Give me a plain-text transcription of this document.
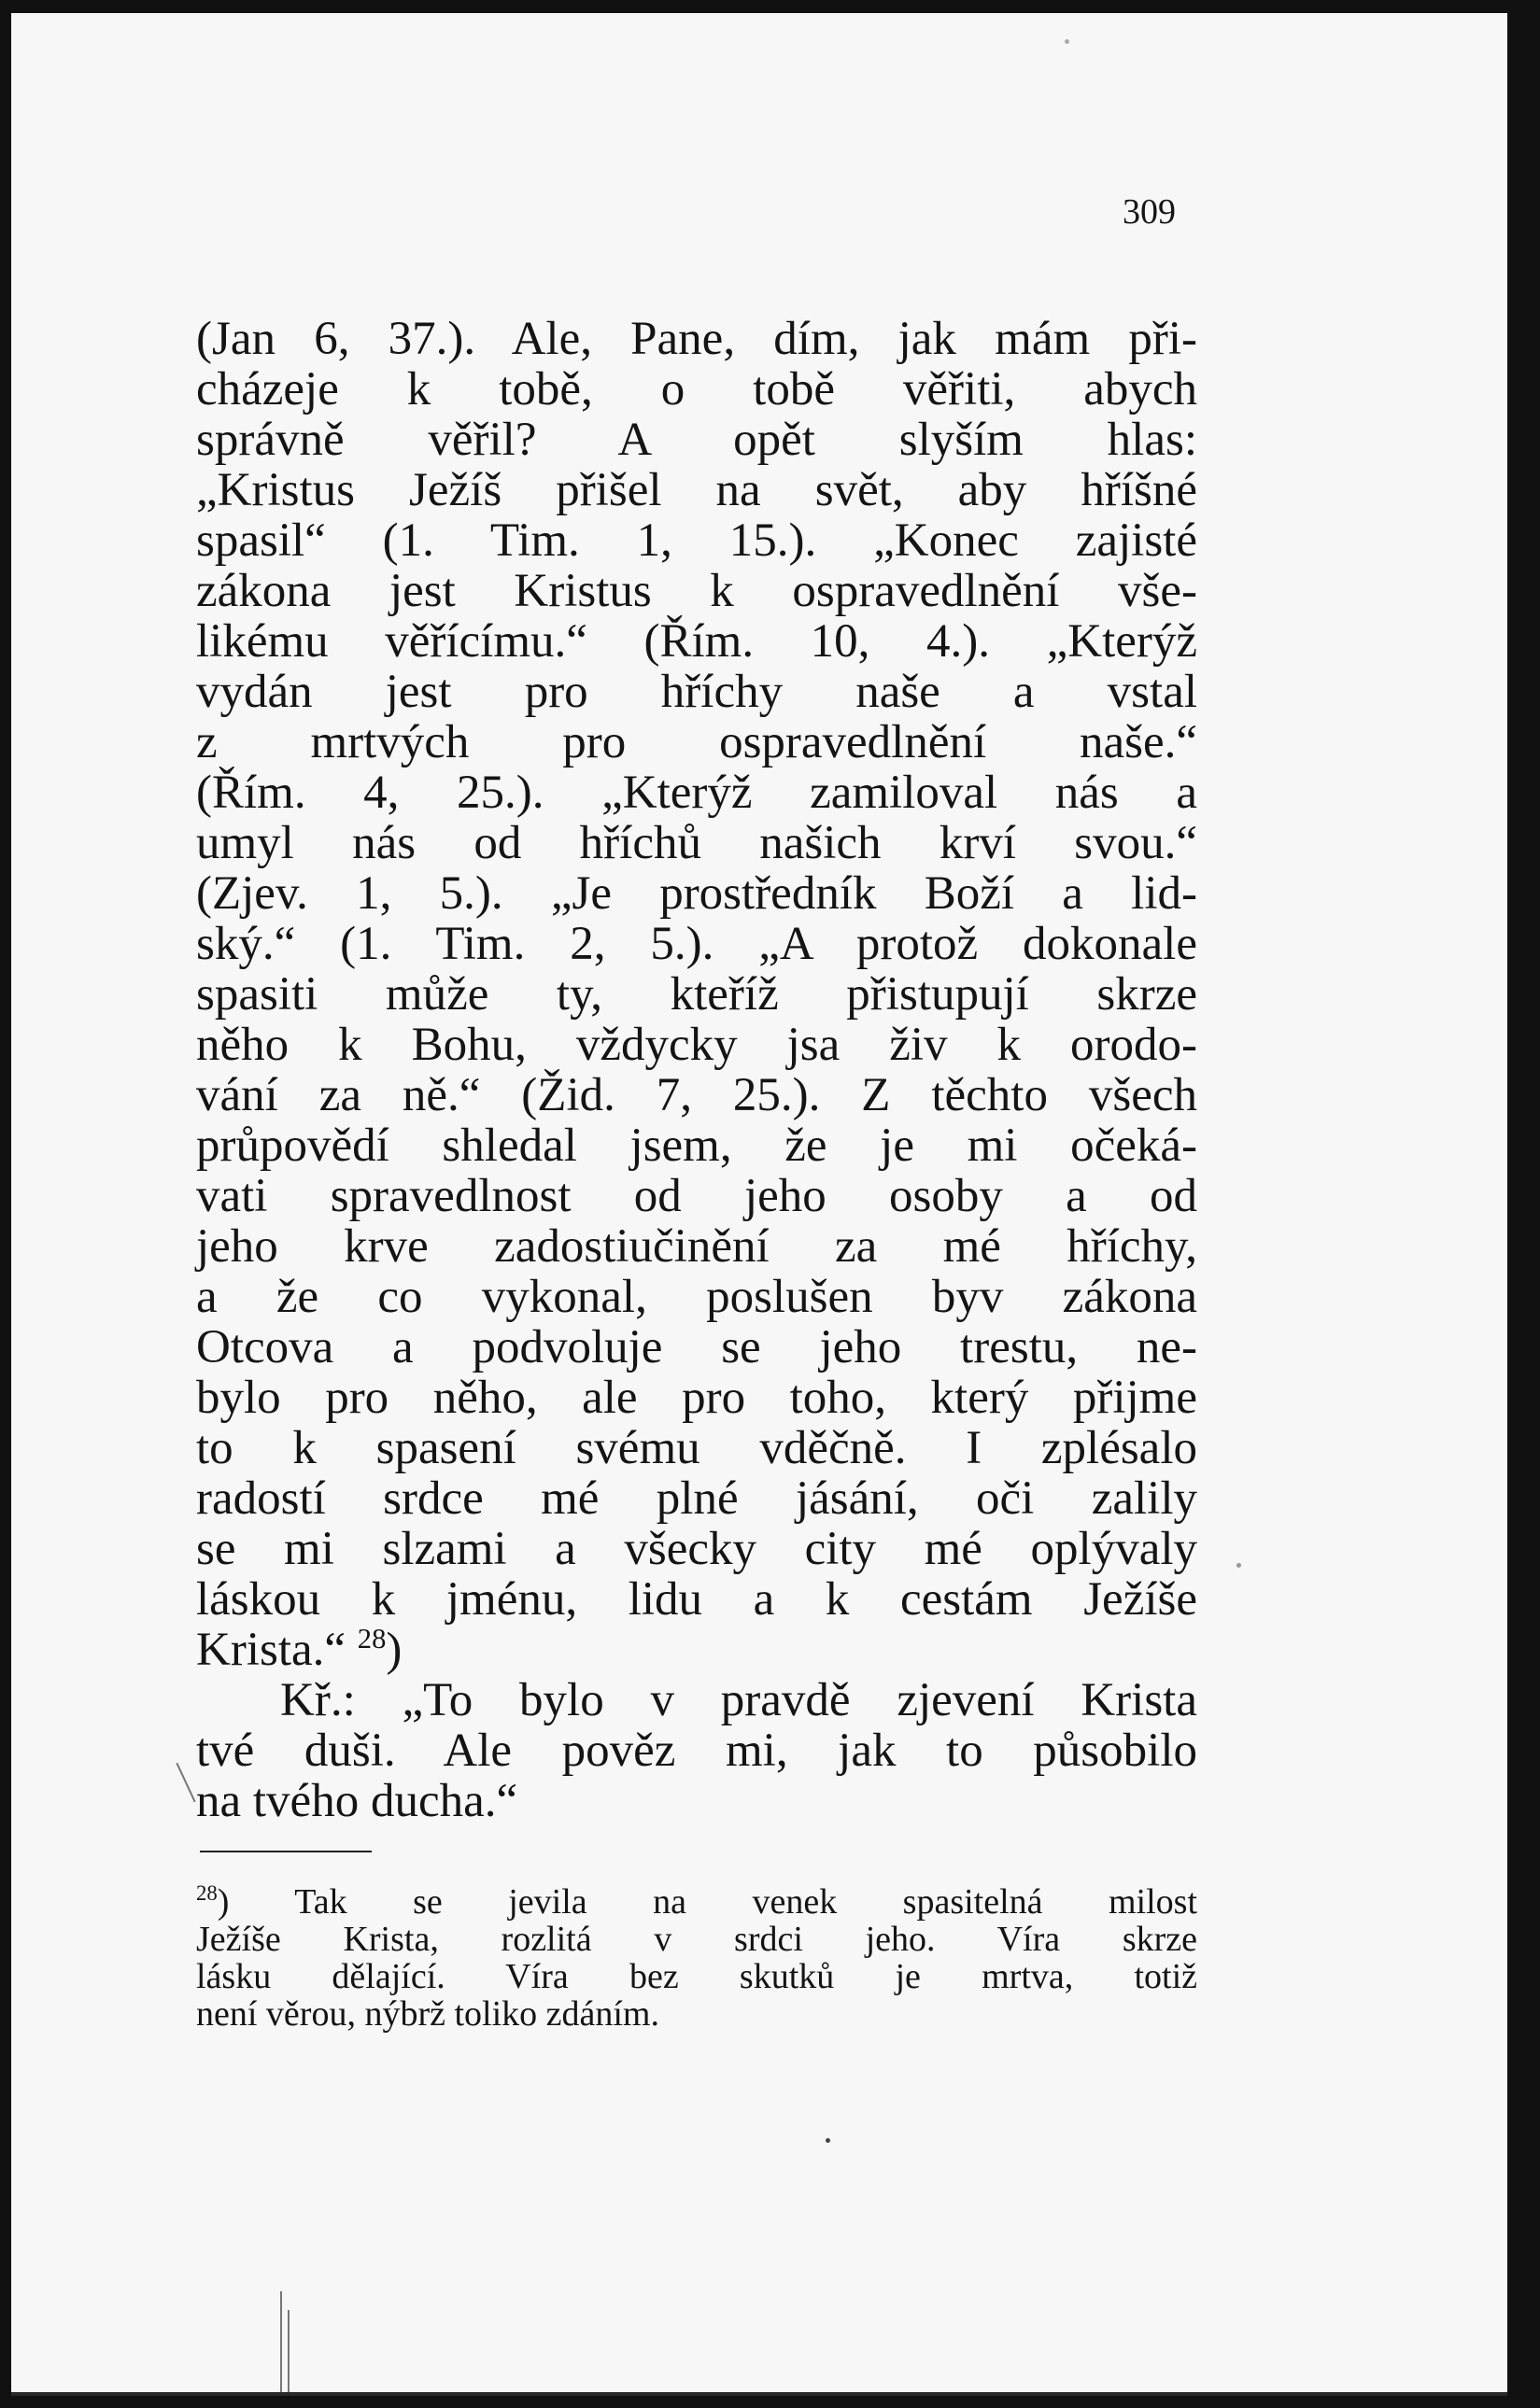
309
(Jan 6, 37.). Ale, Pane, dím, jak mám při-
cházeje k tobě, o tobě věřiti, abych
správně věřil? A opět slyším hlas:
„Kristus Ježíš přišel na svět, aby hříšné
spasil“ (1. Tim. 1, 15.). „Konec zajisté
zákona jest Kristus k ospravedlnění vše-
likému věřícímu.“ (Řím. 10, 4.). „Kterýž
vydán jest pro hříchy naše a vstal
z mrtvých pro ospravedlnění naše.“
(Řím. 4, 25.). „Kterýž zamiloval nás a
umyl nás od hříchů našich krví svou.“
(Zjev. 1, 5.). „Je prostředník Boží a lid-
ský.“ (1. Tim. 2, 5.). „A protož dokonale
spasiti může ty, kteříž přistupují skrze
něho k Bohu, vždycky jsa živ k orodo-
vání za ně.“ (Žid. 7, 25.). Z těchto všech
průpovědí shledal jsem, že je mi očeká-
vati spravedlnost od jeho osoby a od
jeho krve zadostiučinění za mé hříchy,
a že co vykonal, poslušen byv zákona
Otcova a podvoluje se jeho trestu, ne-
bylo pro něho, ale pro toho, který přijme
to k spasení svému vděčně. I zplésalo
radostí srdce mé plné jásání, oči zalily
se mi slzami a všecky city mé oplývaly
láskou k jménu, lidu a k cestám Ježíše
Krista.“ $^{28}$)
Kř.: „To bylo v pravdě zjevení Krista
tvé duši. Ale pověz mi, jak to působilo
na tvého ducha.“
$^{28}$) Tak se jevila na venek spasitelná milost
Ježíše Krista, rozlitá v srdci jeho. Víra skrze
lásku dělající. Víra bez skutků je mrtva, totiž
není věrou, nýbrž toliko zdáním.
